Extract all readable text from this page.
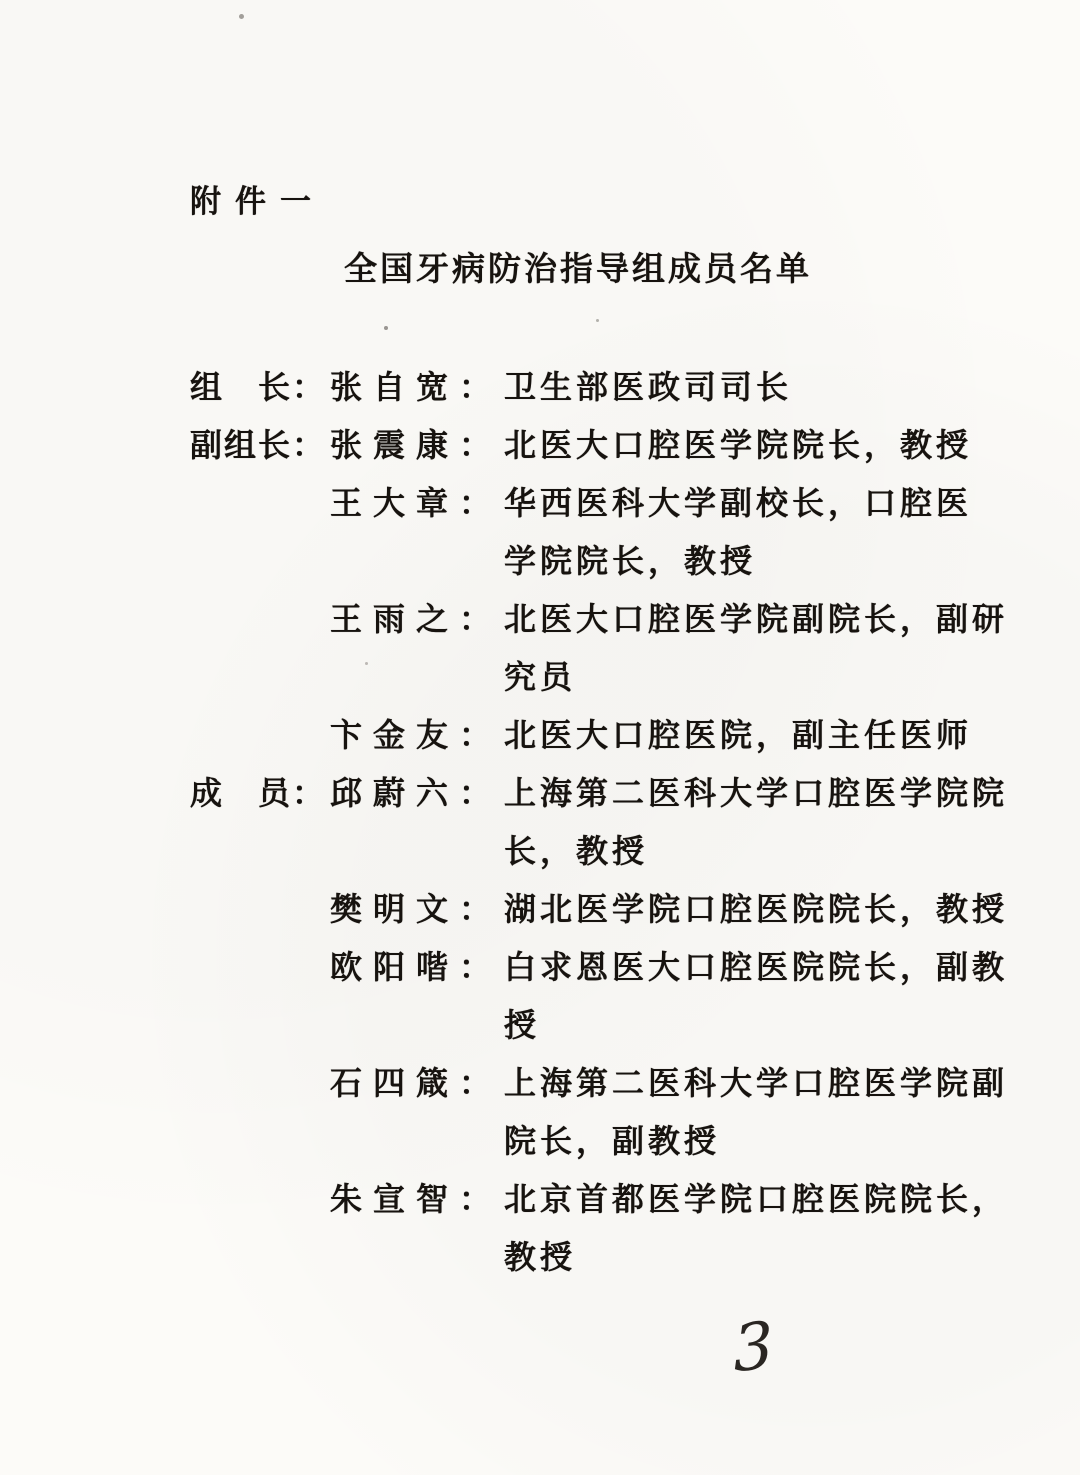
附件一
全国牙病防治指导组成员名单
组　长： 张自宽： 卫生部医政司司长
副组长： 张震康： 北医大口腔医学院院长，教授
王大章： 华西医科大学副校长，口腔医
学院院长，教授
王雨之： 北医大口腔医学院副院长，副研
究员
卞金友： 北医大口腔医院，副主任医师
成　员： 邱蔚六： 上海第二医科大学口腔医学院院
长，教授
樊明文： 湖北医学院口腔医院院长，教授
欧阳喈： 白求恩医大口腔医院院长，副教
授
石四箴： 上海第二医科大学口腔医学院副
院长，副教授
朱宣智： 北京首都医学院口腔医院院长，
教授
3
